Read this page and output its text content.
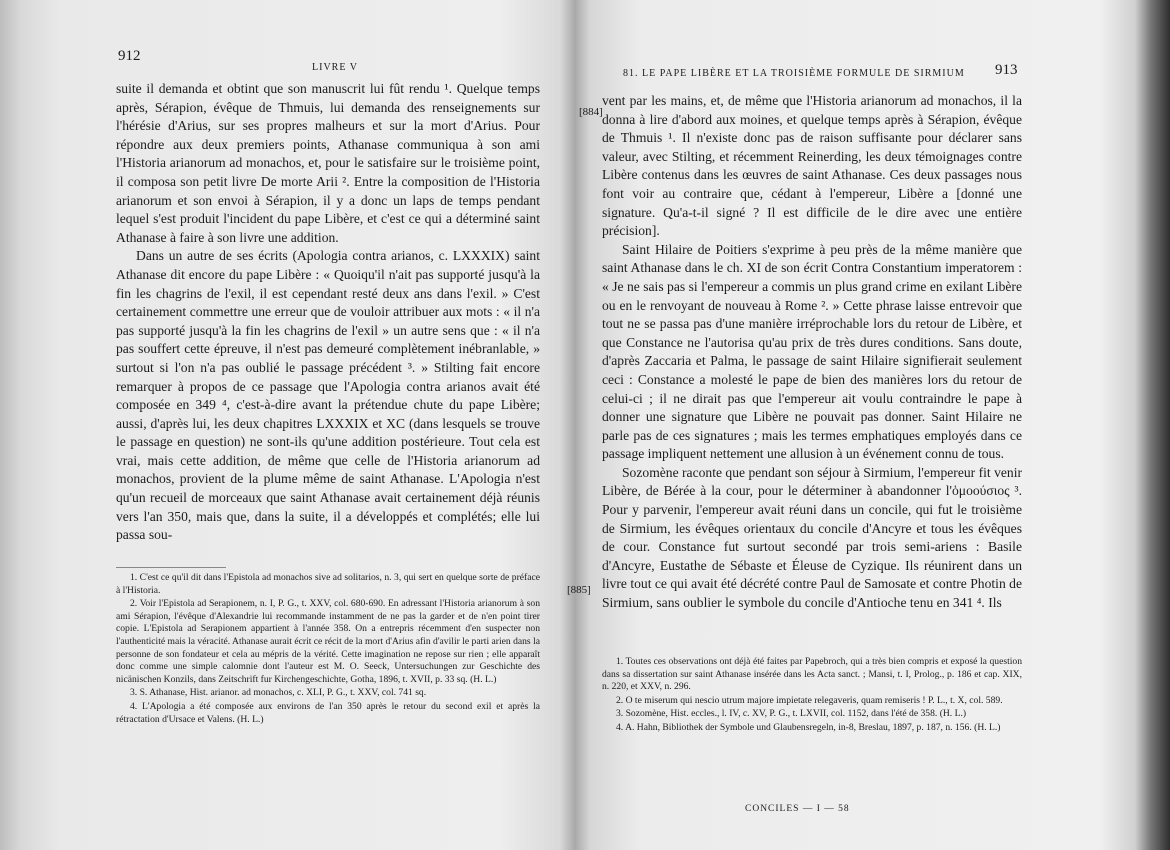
912
LIVRE V

suite il demanda et obtint que son manuscrit lui fût rendu ¹. Quelque temps après, Sérapion, évêque de Thmuis, lui demanda des renseignements sur l'hérésie d'Arius, sur ses propres malheurs et sur la mort d'Arius. Pour répondre aux deux premiers points, Athanase communiqua à son ami l'Historia arianorum ad monachos, et, pour le satisfaire sur le troisième point, il composa son petit livre De morte Arii ². Entre la composition de l'Historia arianorum et son envoi à Sérapion, il y a donc un laps de temps pendant lequel s'est produit l'incident du pape Libère, et c'est ce qui a déterminé saint Athanase à faire à son livre une addition.

Dans un autre de ses écrits (Apologia contra arianos, c. LXXXIX) saint Athanase dit encore du pape Libère : « Quoiqu'il n'ait pas supporté jusqu'à la fin les chagrins de l'exil, il est cependant resté deux ans dans l'exil. » C'est certainement commettre une erreur que de vouloir attribuer aux mots : « il n'a pas supporté jusqu'à la fin les chagrins de l'exil » un autre sens que : « il n'a pas souffert cette épreuve, il n'est pas demeuré complètement inébranlable, » surtout si l'on n'a pas oublié le passage précédent ³. » Stilting fait encore remarquer à propos de ce passage que l'Apologia contra arianos avait été composée en 349 ⁴, c'est-à-dire avant la prétendue chute du pape Libère; aussi, d'après lui, les deux chapitres LXXXIX et XC (dans lesquels se trouve le passage en question) ne sont-ils qu'une addition postérieure. Tout cela est vrai, mais cette addition, de même que celle de l'Historia arianorum ad monachos, provient de la plume même de saint Athanase. L'Apologia n'est qu'un recueil de morceaux que saint Athanase avait certainement déjà réunis vers l'an 350, mais que, dans la suite, il a développés et complétés; elle lui passa sou-

1. C'est ce qu'il dit dans l'Epistola ad monachos sive ad solitarios, n. 3, qui sert en quelque sorte de préface à l'Historia.

2. Voir l'Epistola ad Serapionem, n. I, P. G., t. XXV, col. 680-690. En adressant l'Historia arianorum à son ami Sérapion, l'évêque d'Alexandrie lui recommande instamment de ne pas la garder et de n'en point tirer copie. L'Epistola ad Serapionem appartient à l'année 358. On a entrepris récemment d'en suspecter non l'authenticité mais la véracité. Athanase aurait écrit ce récit de la mort d'Arius afin d'avilir le parti arien dans la personne de son fondateur et cela au mépris de la vérité. Cette imagination ne repose sur rien ; elle apparaît donc comme une simple calomnie dont l'auteur est M. O. Seeck, Untersuchungen zur Geschichte des nicänischen Konzils, dans Zeitschrift fur Kirchengeschichte, Gotha, 1896, t. XVII, p. 33 sq. (H. L.)

3. S. Athanase, Hist. arianor. ad monachos, c. XLI, P. G., t. XXV, col. 741 sq.

4. L'Apologia a été composée aux environs de l'an 350 après le retour du second exil et après la rétractation d'Ursace et Valens. (H. L.)

81. LE PAPE LIBÈRE ET LA TROISIÈME FORMULE DE SIRMIUM 913
[884]
[885]

vent par les mains, et, de même que l'Historia arianorum ad monachos, il la donna à lire d'abord aux moines, et quelque temps après à Sérapion, évêque de Thmuis ¹. Il n'existe donc pas de raison suffisante pour déclarer sans valeur, avec Stilting, et récemment Reinerding, les deux témoignages contre Libère contenus dans les œuvres de saint Athanase. Ces deux passages nous font voir au contraire que, cédant à l'empereur, Libère a [donné une signature. Qu'a-t-il signé ? Il est difficile de le dire avec une entière précision].

Saint Hilaire de Poitiers s'exprime à peu près de la même manière que saint Athanase dans le ch. XI de son écrit Contra Constantium imperatorem : « Je ne sais pas si l'empereur a commis un plus grand crime en exilant Libère ou en le renvoyant de nouveau à Rome ². » Cette phrase laisse entrevoir que tout ne se passa pas d'une manière irréprochable lors du retour de Libère, et que Constance ne l'autorisa qu'au prix de très dures conditions. Sans doute, d'après Zaccaria et Palma, le passage de saint Hilaire signifierait seulement ceci : Constance a molesté le pape de bien des manières lors du retour de celui-ci ; il ne dirait pas que l'empereur ait voulu contraindre le pape à donner une signature que Libère ne pouvait pas donner. Saint Hilaire ne parle pas de ces signatures ; mais les termes emphatiques employés dans ce passage impliquent nettement une allusion à un événement connu de tous.

Sozomène raconte que pendant son séjour à Sirmium, l'empereur fit venir Libère, de Bérée à la cour, pour le déterminer à abandonner l'ὁμοούσιος ³. Pour y parvenir, l'empereur avait réuni dans un concile, qui fut le troisième de Sirmium, les évêques orientaux du concile d'Ancyre et tous les évêques de cour. Constance fut surtout secondé par trois semi-ariens : Basile d'Ancyre, Eustathe de Sébaste et Éleuse de Cyzique. Ils réunirent dans un livre tout ce qui avait été décrété contre Paul de Samosate et contre Photin de Sirmium, sans oublier le symbole du concile d'Antioche tenu en 341 ⁴. Ils

1. Toutes ces observations ont déjà été faites par Papebroch, qui a très bien compris et exposé la question dans sa dissertation sur saint Athanase insérée dans les Acta sanct. ; Mansi, t. I, Prolog., p. 186 et cap. XIX, n. 220, et XXV, n. 296.

2. O te miserum qui nescio utrum majore impietate relegaveris, quam remiseris ! P. L., t. X, col. 589.

3. Sozomène, Hist. eccles., l. IV, c. XV, P. G., t. LXVII, col. 1152, dans l'été de 358. (H. L.)

4. A. Hahn, Bibliothek der Symbole und Glaubensregeln, in-8, Breslau, 1897, p. 187, n. 156. (H. L.)

CONCILES — I — 58
